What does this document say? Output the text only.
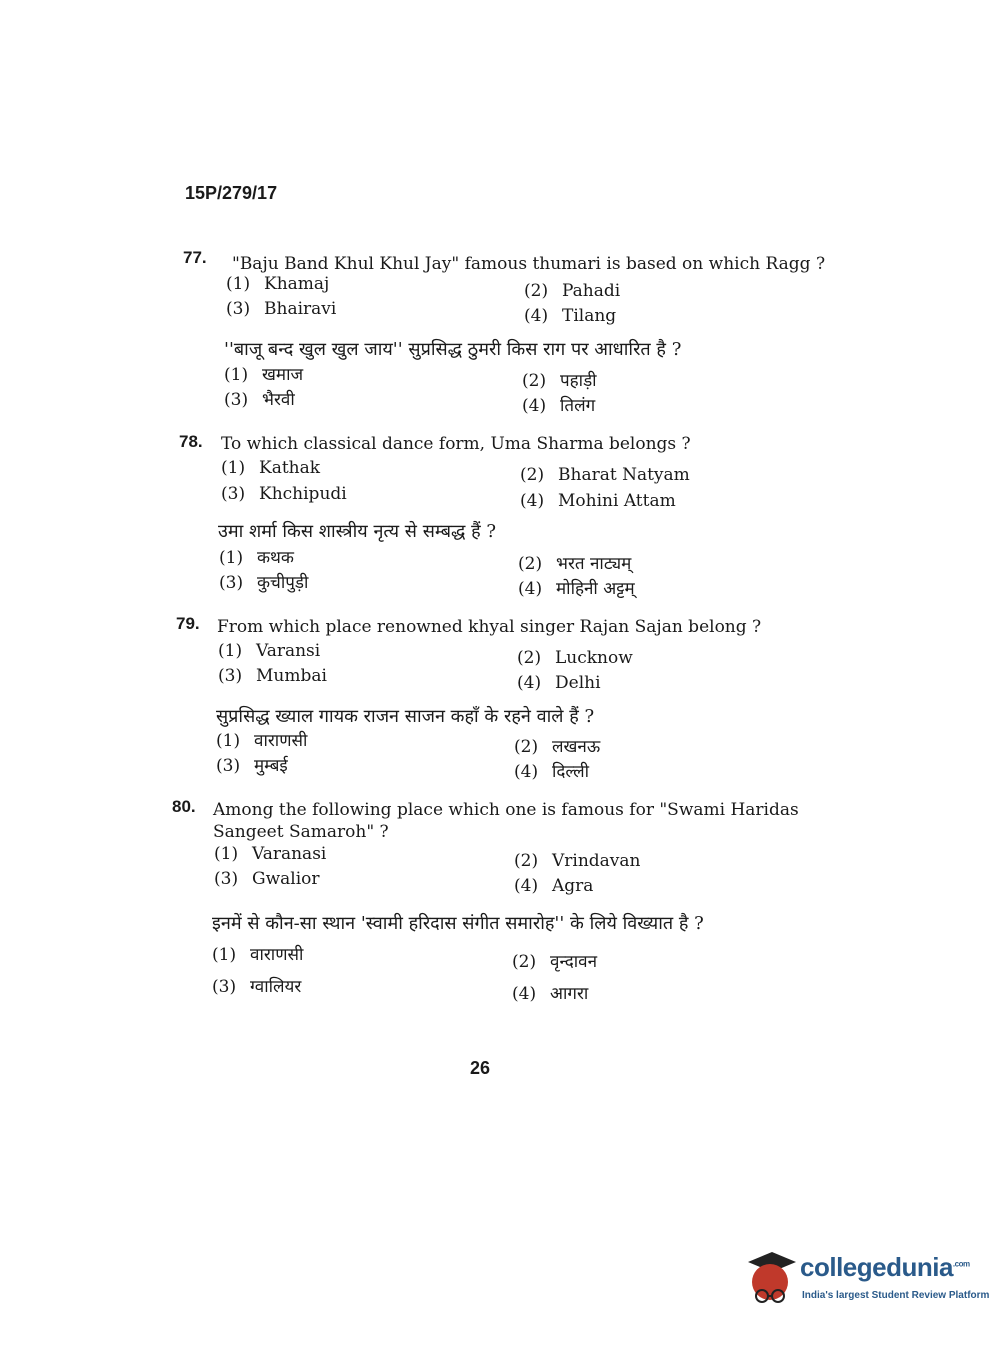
15P/279/17
77. "Baju Band Khul Khul Jay" famous thumari is based on which Ragg ?
(1) Khamaj	(2) Pahadi
(3) Bhairavi	(4) Tilang
''बाजू बन्द खुल खुल जाय'' सुप्रसिद्ध ठुमरी किस राग पर आधारित है ?
(1) खमाज	(2) पहाड़ी
(3) भैरवी	(4) तिलंग
78. To which classical dance form, Uma Sharma belongs ?
(1) Kathak	(2) Bharat Natyam
(3) Khchipudi	(4) Mohini Attam
उमा शर्मा किस शास्त्रीय नृत्य से सम्बद्ध हैं ?
(1) कथक	(2) भरत नाट्यम्
(3) कुचीपुड़ी	(4) मोहिनी अट्टम्
79. From which place renowned khyal singer Rajan Sajan belong ?
(1) Varansi	(2) Lucknow
(3) Mumbai	(4) Delhi
सुप्रसिद्ध ख्याल गायक राजन साजन कहाँ के रहने वाले हैं ?
(1) वाराणसी	(2) लखनऊ
(3) मुम्बई	(4) दिल्ली
80. Among the following place which one is famous for "Swami Haridas Sangeet Samaroh" ?
(1) Varanasi	(2) Vrindavan
(3) Gwalior	(4) Agra
इनमें से कौन-सा स्थान 'स्वामी हरिदास संगीत समारोह'' के लिये विख्यात है ?
(1) वाराणसी	(2) वृन्दावन
(3) ग्वालियर	(4) आगरा
26
collegedunia$^{.com}$
India's largest Student Review Platform
